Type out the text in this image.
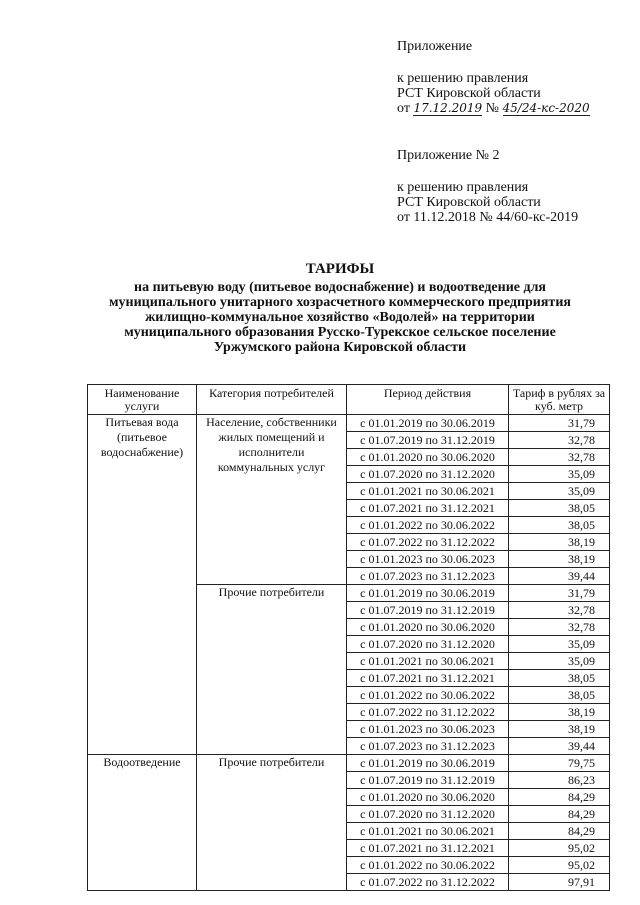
Приложение

к решению правления

РСТ Кировской области

от 17.12.2019 № 45/24-кс-2020

Приложение № 2

к решению правления

РСТ Кировской области

от 11.12.2018 № 44/60-кс-2019

ТАРИФЫ

на питьевую воду (питьевое водоснабжение) и водоотведение для

муниципального унитарного хозрасчетного коммерческого предприятия

жилищно-коммунальное хозяйство «Водолей» на территории

муниципального образования Русско-Турекское сельское поселение

Уржумского района Кировской области

Наименование услуги	Категория потребителей	Период действия	Тариф в рублях за куб. метр
Питьевая вода (питьевое водоснабжение)	Население, собственники жилых помещений и исполнители коммунальных услуг	с 01.01.2019 по 30.06.2019	31,79
		с 01.07.2019 по 31.12.2019	32,78
		с 01.01.2020 по 30.06.2020	32,78
		с 01.07.2020 по 31.12.2020	35,09
		с 01.01.2021 по 30.06.2021	35,09
		с 01.07.2021 по 31.12.2021	38,05
		с 01.01.2022 по 30.06.2022	38,05
		с 01.07.2022 по 31.12.2022	38,19
		с 01.01.2023 по 30.06.2023	38,19
		с 01.07.2023 по 31.12.2023	39,44
	Прочие потребители	с 01.01.2019 по 30.06.2019	31,79
		с 01.07.2019 по 31.12.2019	32,78
		с 01.01.2020 по 30.06.2020	32,78
		с 01.07.2020 по 31.12.2020	35,09
		с 01.01.2021 по 30.06.2021	35,09
		с 01.07.2021 по 31.12.2021	38,05
		с 01.01.2022 по 30.06.2022	38,05
		с 01.07.2022 по 31.12.2022	38,19
		с 01.01.2023 по 30.06.2023	38,19
		с 01.07.2023 по 31.12.2023	39,44
Водоотведение	Прочие потребители	с 01.01.2019 по 30.06.2019	79,75
		с 01.07.2019 по 31.12.2019	86,23
		с 01.01.2020 по 30.06.2020	84,29
		с 01.07.2020 по 31.12.2020	84,29
		с 01.01.2021 по 30.06.2021	84,29
		с 01.07.2021 по 31.12.2021	95,02
		с 01.01.2022 по 30.06.2022	95,02
		с 01.07.2022 по 31.12.2022	97,91
